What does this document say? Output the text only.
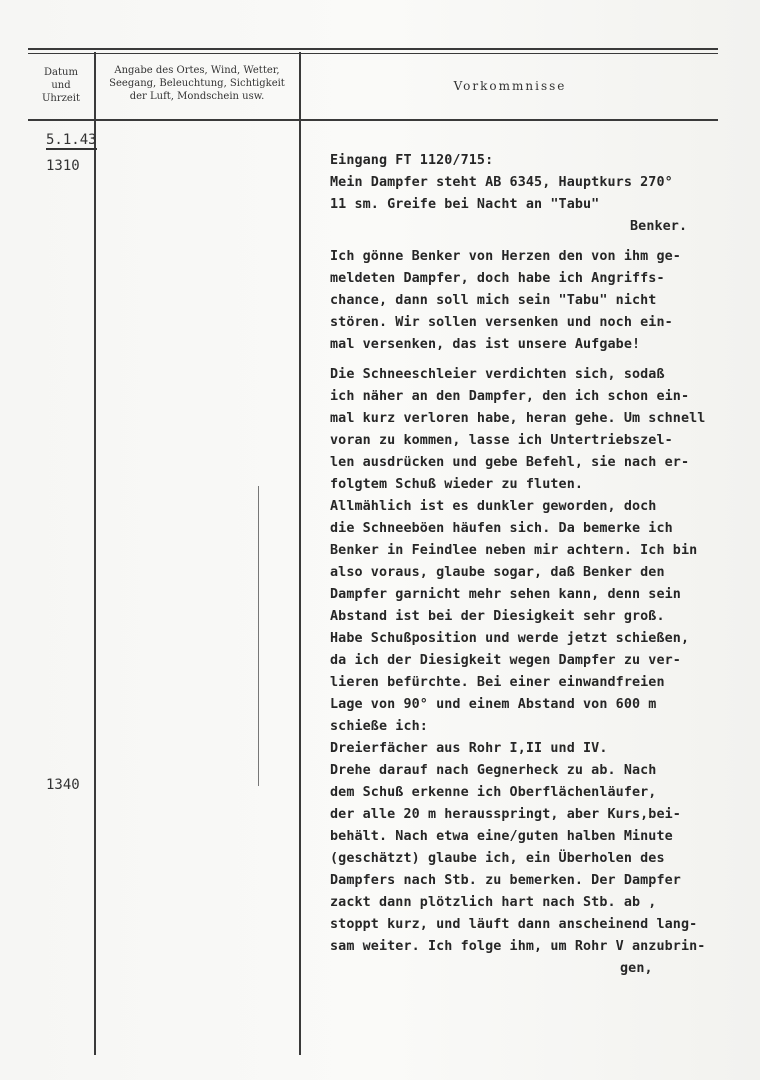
Datum
und
Uhrzeit
Angabe des Ortes, Wind, Wetter,
Seegang, Beleuchtung, Sichtigkeit
der Luft, Mondschein usw.
Vorkommnisse
5.1.43
1310
1340
Eingang FT 1120/715:
Mein Dampfer steht AB 6345, Hauptkurs 270°
11 sm. Greife bei Nacht an "Tabu"
Benker.
Ich gönne Benker von Herzen den von ihm ge-
meldeten Dampfer, doch habe ich Angriffs-
chance, dann soll mich sein "Tabu" nicht
stören. Wir sollen versenken und noch ein-
mal versenken, das ist unsere Aufgabe!
Die Schneeschleier verdichten sich, sodaß
ich näher an den Dampfer, den ich schon ein-
mal kurz verloren habe, heran gehe. Um schnell
voran zu kommen, lasse ich Untertriebszel-
len ausdrücken und gebe Befehl, sie nach er-
folgtem Schuß wieder zu fluten.
Allmählich ist es dunkler geworden, doch
die Schneeböen häufen sich. Da bemerke ich
Benker in Feindlee neben mir achtern. Ich bin
also voraus, glaube sogar, daß Benker den
Dampfer garnicht mehr sehen kann, denn sein
Abstand ist bei der Diesigkeit sehr groß.
Habe Schußposition und werde jetzt schießen,
da ich der Diesigkeit wegen Dampfer zu ver-
lieren befürchte. Bei einer einwandfreien
Lage von 90° und einem Abstand von 600 m
schieße ich:
Dreierfächer aus Rohr I,II und IV.
Drehe darauf nach Gegnerheck zu ab. Nach
dem Schuß erkenne ich Oberflächenläufer,
der alle 20 m herausspringt, aber Kurs,bei-
behält. Nach etwa eine/guten halben Minute
(geschätzt) glaube ich, ein Überholen des
Dampfers nach Stb. zu bemerken. Der Dampfer
zackt dann plötzlich hart nach Stb. ab ,
stoppt kurz, und läuft dann anscheinend lang-
sam weiter. Ich folge ihm, um Rohr V anzubrin-
gen,
